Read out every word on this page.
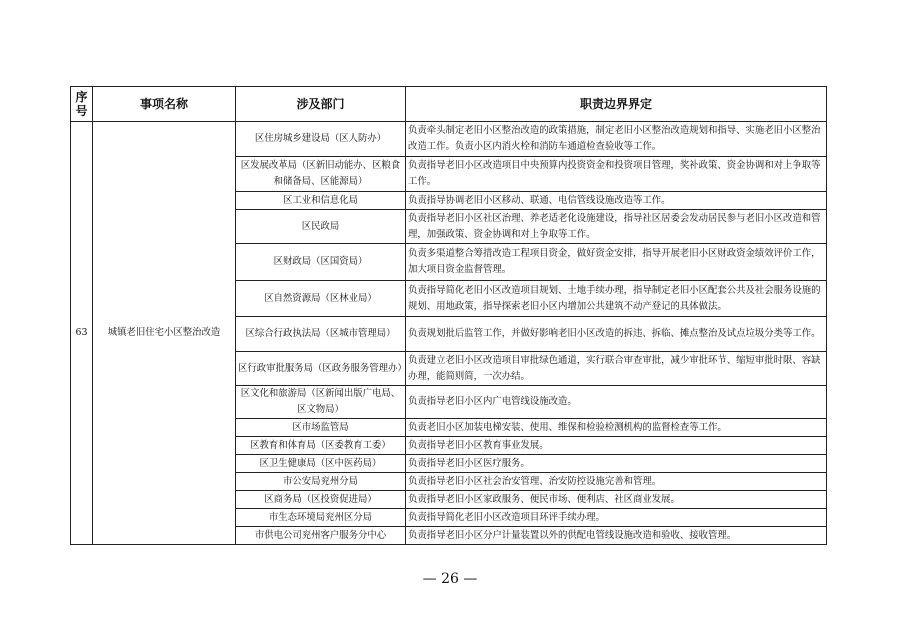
序号	事项名称	涉及部门	职责边界界定
63	城镇老旧住宅小区整治改造	区住房城乡建设局（区人防办）	负责牵头制定老旧小区整治改造的政策措施，制定老旧小区整治改造规划和指导、实施老旧小区整治改造工作。负责小区内消火栓和消防车通道检查验收等工作。
		区发展改革局（区新旧动能办、区粮食和储备局、区能源局）	负责指导老旧小区改造项目中央预算内投资资金和投资项目管理，奖补政策、资金协调和对上争取等工作。
		区工业和信息化局	负责指导协调老旧小区移动、联通、电信管线设施改造等工作。
		区民政局	负责指导老旧小区社区治理、养老适老化设施建设，指导社区居委会发动居民参与老旧小区改造和管理，加强政策、资金协调和对上争取等工作。
		区财政局（区国资局）	负责多渠道整合筹措改造工程项目资金，做好资金安排，指导开展老旧小区财政资金绩效评价工作，加大项目资金监督管理。
		区自然资源局（区林业局）	负责指导简化老旧小区改造项目规划、土地手续办理，指导制定老旧小区配套公共及社会服务设施的规划、用地政策，指导探索老旧小区内增加公共建筑不动产登记的具体做法。
		区综合行政执法局（区城市管理局）	负责规划批后监管工作，并做好影响老旧小区改造的拆违、拆临、摊点整治及试点垃圾分类等工作。
		区行政审批服务局（区政务服务管理办）	负责建立老旧小区改造项目审批绿色通道，实行联合审查审批，减少审批环节、缩短审批时限、容缺办理，能简则简，一次办结。
		区文化和旅游局（区新闻出版广电局、区文物局）	负责指导老旧小区内广电管线设施改造。
		区市场监管局	负责老旧小区加装电梯安装、使用、维保和检验检测机构的监督检查等工作。
		区教育和体育局（区委教育工委）	负责指导老旧小区教育事业发展。
		区卫生健康局（区中医药局）	负责指导老旧小区医疗服务。
		市公安局兖州分局	负责指导老旧小区社会治安管理、治安防控设施完善和管理。
		区商务局（区投资促进局）	负责指导老旧小区家政服务、便民市场、便利店、社区商业发展。
		市生态环境局兖州区分局	负责指导简化老旧小区改造项目环评手续办理。
		市供电公司兖州客户服务分中心	负责指导老旧小区分户计量装置以外的供配电管线设施改造和验收、接收管理。
— 26 —
